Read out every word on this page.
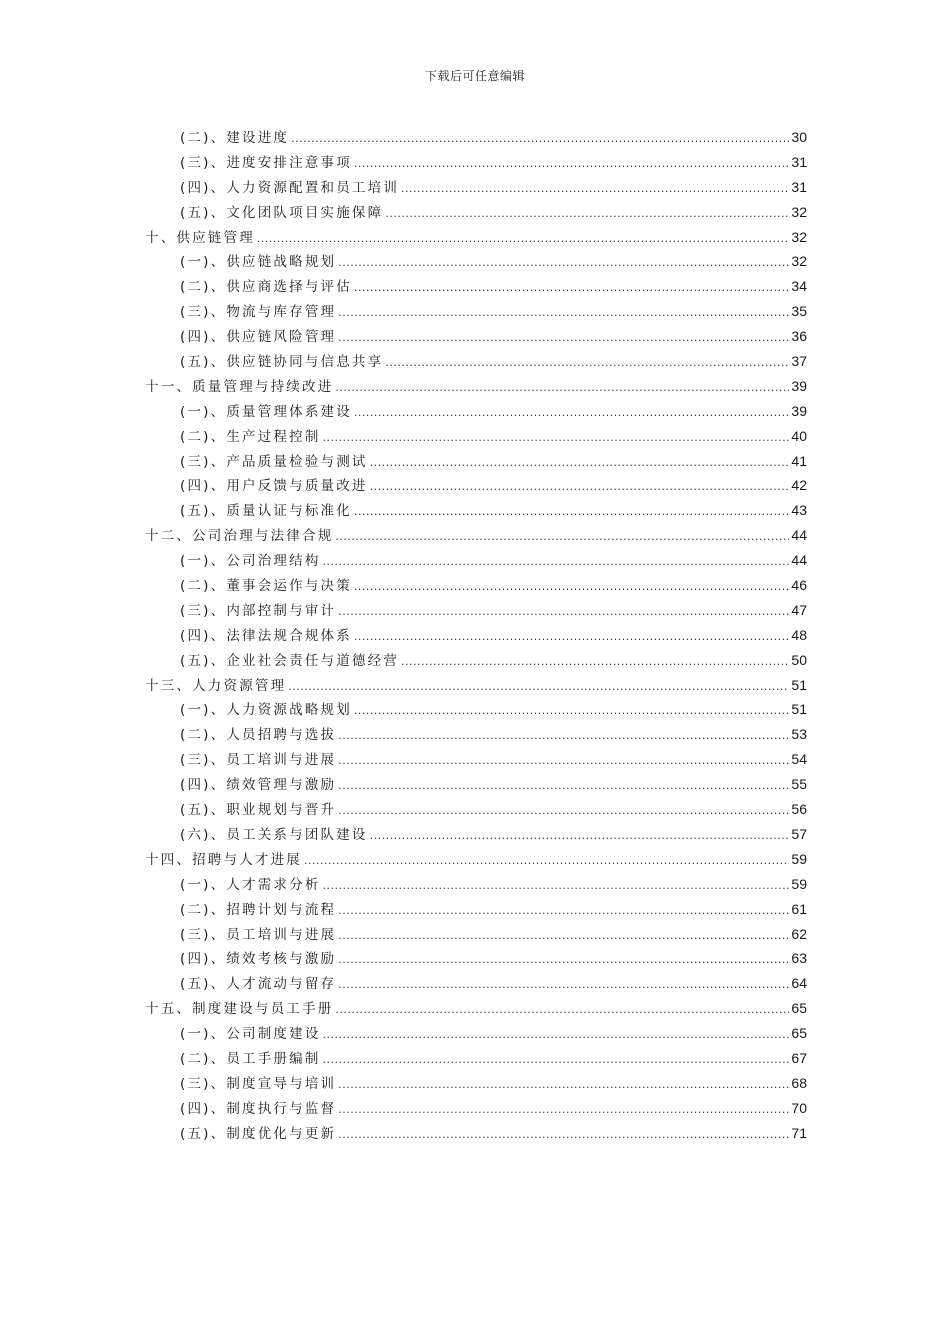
下载后可任意编辑
(二)、建设进度 .....	30
(三)、进度安排注意事项 .....	31
(四)、人力资源配置和员工培训 .....	31
(五)、文化团队项目实施保障 .....	32
十、供应链管理 .....	32
(一)、供应链战略规划 .....	32
(二)、供应商选择与评估 .....	34
(三)、物流与库存管理 .....	35
(四)、供应链风险管理 .....	36
(五)、供应链协同与信息共享 .....	37
十一、质量管理与持续改进 .....	39
(一)、质量管理体系建设 .....	39
(二)、生产过程控制 .....	40
(三)、产品质量检验与测试 .....	41
(四)、用户反馈与质量改进 .....	42
(五)、质量认证与标准化 .....	43
十二、公司治理与法律合规 .....	44
(一)、公司治理结构 .....	44
(二)、董事会运作与决策 .....	46
(三)、内部控制与审计 .....	47
(四)、法律法规合规体系 .....	48
(五)、企业社会责任与道德经营 .....	50
十三、人力资源管理 .....	51
(一)、人力资源战略规划 .....	51
(二)、人员招聘与选拔 .....	53
(三)、员工培训与进展 .....	54
(四)、绩效管理与激励 .....	55
(五)、职业规划与晋升 .....	56
(六)、员工关系与团队建设 .....	57
十四、招聘与人才进展 .....	59
(一)、人才需求分析 .....	59
(二)、招聘计划与流程 .....	61
(三)、员工培训与进展 .....	62
(四)、绩效考核与激励 .....	63
(五)、人才流动与留存 .....	64
十五、制度建设与员工手册 .....	65
(一)、公司制度建设 .....	65
(二)、员工手册编制 .....	67
(三)、制度宣导与培训 .....	68
(四)、制度执行与监督 .....	70
(五)、制度优化与更新 .....	71
